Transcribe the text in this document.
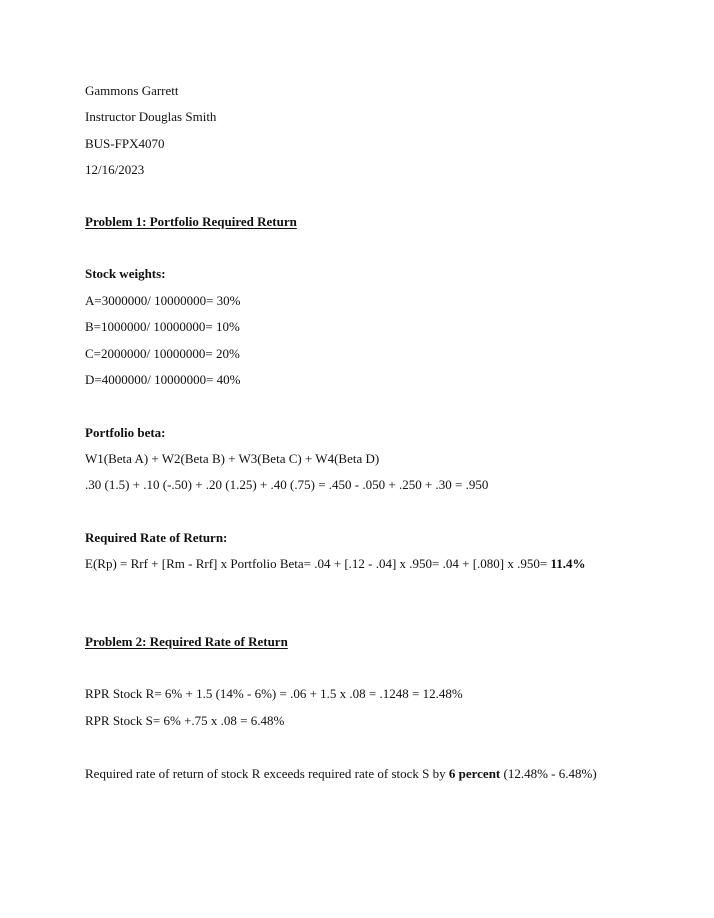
Gammons Garrett
Instructor Douglas Smith
BUS-FPX4070
12/16/2023
Problem 1: Portfolio Required Return
Stock weights:
A=3000000/ 10000000= 30%
B=1000000/ 10000000= 10%
C=2000000/ 10000000= 20%
D=4000000/ 10000000= 40%
Portfolio beta:
W1(Beta A) + W2(Beta B) + W3(Beta C) + W4(Beta D)
.30 (1.5) + .10 (-.50) + .20 (1.25) + .40 (.75) = .450 - .050 + .250 + .30 = .950
Required Rate of Return:
E(Rp) = Rrf + [Rm - Rrf] x Portfolio Beta= .04 + [.12 - .04] x .950= .04 + [.080] x .950= 11.4%
Problem 2: Required Rate of Return
RPR Stock R= 6% + 1.5 (14% - 6%) = .06 + 1.5 x .08 = .1248 = 12.48%
RPR Stock S= 6% +.75 x .08 = 6.48%
Required rate of return of stock R exceeds required rate of stock S by 6 percent (12.48% - 6.48%)
